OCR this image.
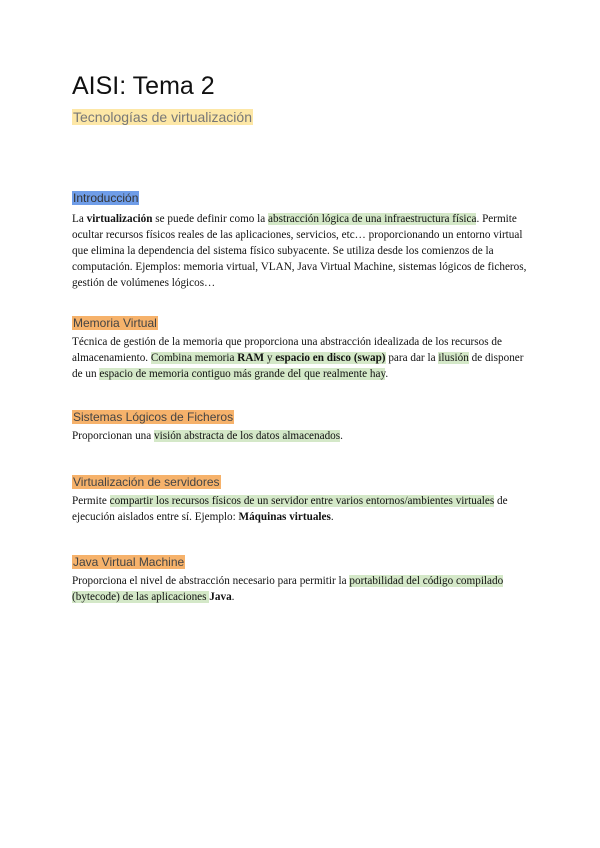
AISI: Tema 2

Tecnologías de virtualización

Introducción

La virtualización se puede definir como la abstracción lógica de una infraestructura física. Permite ocultar recursos físicos reales de las aplicaciones, servicios, etc… proporcionando un entorno virtual que elimina la dependencia del sistema físico subyacente. Se utiliza desde los comienzos de la computación. Ejemplos: memoria virtual, VLAN, Java Virtual Machine, sistemas lógicos de ficheros, gestión de volúmenes lógicos…

Memoria Virtual

Técnica de gestión de la memoria que proporciona una abstracción idealizada de los recursos de almacenamiento. Combina memoria RAM y espacio en disco (swap) para dar la ilusión de disponer de un espacio de memoria contiguo más grande del que realmente hay.

Sistemas Lógicos de Ficheros

Proporcionan una visión abstracta de los datos almacenados.

Virtualización de servidores

Permite compartir los recursos físicos de un servidor entre varios entornos/ambientes virtuales de ejecución aislados entre sí. Ejemplo: Máquinas virtuales.

Java Virtual Machine

Proporciona el nivel de abstracción necesario para permitir la portabilidad del código compilado (bytecode) de las aplicaciones Java.
